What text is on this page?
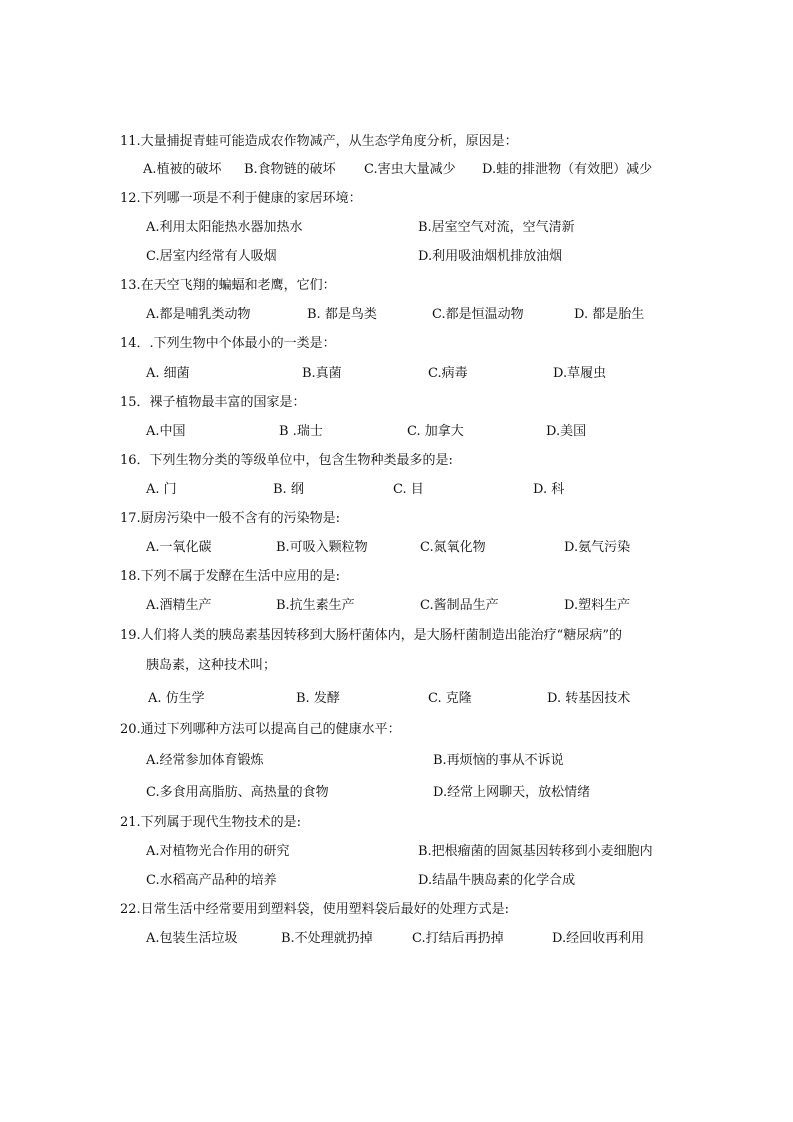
11.大量捕捉青蛙可能造成农作物减产，从生态学角度分析，原因是：
A.植被的破坏 B.食物链的破坏 C.害虫大量减少 D.蛙的排泄物（有效肥）减少
12.下列哪一项是不利于健康的家居环境：
A.利用太阳能热水器加热水	B.居室空气对流，空气清新
C.居室内经常有人吸烟	D.利用吸油烟机排放油烟
13.在天空飞翔的蝙蝠和老鹰，它们：
A.都是哺乳类动物	B. 都是鸟类	C.都是恒温动物	D. 都是胎生
14．.下列生物中个体最小的一类是：
A. 细菌	B.真菌	C.病毒	D.草履虫
15．裸子植物最丰富的国家是：
A.中国	B .瑞士	C. 加拿大	D.美国
16．下列生物分类的等级单位中，包含生物种类最多的是:
A. 门	B. 纲	C. 目	D. 科
17.厨房污染中一般不含有的污染物是:
A.一氧化碳	B.可吸入颗粒物	C.氮氧化物	D.氨气污染
18.下列不属于发酵在生活中应用的是:
A.酒精生产	B.抗生素生产	C.酱制品生产	D.塑料生产
19.人们将人类的胰岛素基因转移到大肠杆菌体内，是大肠杆菌制造出能治疗“糖尿病”的
胰岛素，这种技术叫；
A. 仿生学	B. 发酵	C. 克隆	D. 转基因技术
20.通过下列哪种方法可以提高自己的健康水平：
A.经常参加体育锻炼	B.再烦恼的事从不诉说
C.多食用高脂肪、高热量的食物	D.经常上网聊天，放松情绪
21.下列属于现代生物技术的是:
A.对植物光合作用的研究	B.把根瘤菌的固氮基因转移到小麦细胞内
C.水稻高产品种的培养	D.结晶牛胰岛素的化学合成
22.日常生活中经常要用到塑料袋，使用塑料袋后最好的处理方式是:
A.包装生活垃圾	B.不处理就扔掉	C.打结后再扔掉	D.经回收再利用
